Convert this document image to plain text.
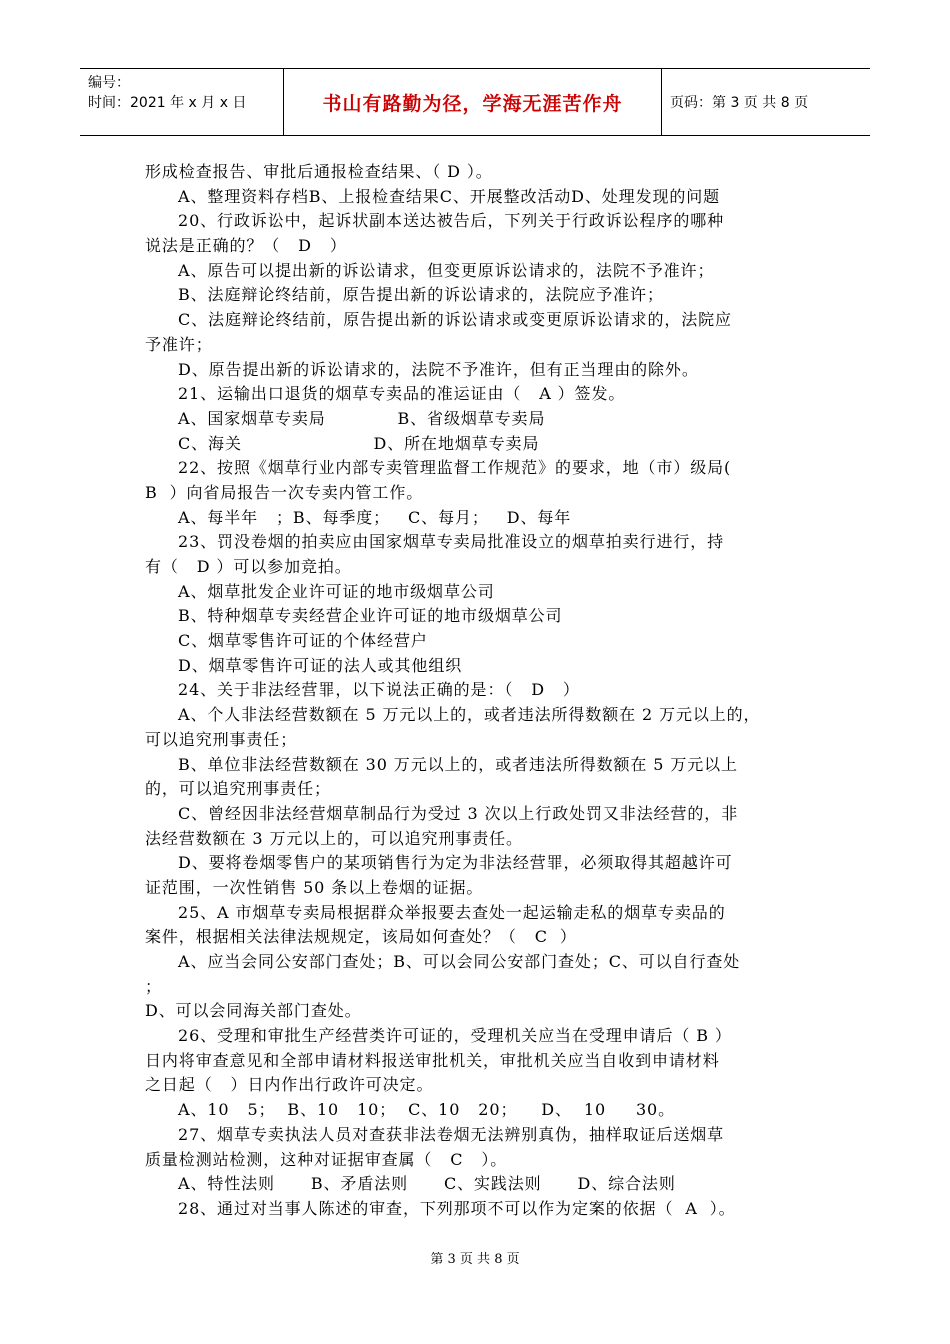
编号：
时间：2021 年 x 月 x 日	书山有路勤为径，学海无涯苦作舟	页码：第 3 页 共 8 页
形成检查报告、审批后通报检查结果、（ D ）。
A、整理资料存档B、上报检查结果C、开展整改活动D、处理发现的问题
20、行政诉讼中，起诉状副本送达被告后，下列关于行政诉讼程序的哪种
说法是正确的？（   D   ）
A、原告可以提出新的诉讼请求，但变更原诉讼请求的，法院不予准许；
B、法庭辩论终结前，原告提出新的诉讼请求的，法院应予准许；
C、法庭辩论终结前，原告提出新的诉讼请求或变更原诉讼请求的，法院应
予准许；
D、原告提出新的诉讼请求的，法院不予准许，但有正当理由的除外。
21、运输出口退货的烟草专卖品的准运证由（   A ）签发。
A、国家烟草专卖局            B、省级烟草专卖局
C、海关                      D、所在地烟草专卖局
22、按照《烟草行业内部专卖管理监督工作规范》的要求，地（市）级局(
B  ）向省局报告一次专卖内管工作。
A、每半年   ；B、每季度；   C、每月；   D、每年
23、罚没卷烟的拍卖应由国家烟草专卖局批准设立的烟草拍卖行进行，持
有（   D ）可以参加竞拍。
A、烟草批发企业许可证的地市级烟草公司
B、特种烟草专卖经营企业许可证的地市级烟草公司
C、烟草零售许可证的个体经营户
D、烟草零售许可证的法人或其他组织
24、关于非法经营罪，以下说法正确的是：（   D   ）
A、个人非法经营数额在 5 万元以上的，或者违法所得数额在 2 万元以上的，
可以追究刑事责任；
B、单位非法经营数额在 30 万元以上的，或者违法所得数额在 5 万元以上
的，可以追究刑事责任；
C、曾经因非法经营烟草制品行为受过 3 次以上行政处罚又非法经营的，非
法经营数额在 3 万元以上的，可以追究刑事责任。
D、要将卷烟零售户的某项销售行为定为非法经营罪，必须取得其超越许可
证范围，一次性销售 50 条以上卷烟的证据。
25、A 市烟草专卖局根据群众举报要去查处一起运输走私的烟草专卖品的
案件，根据相关法律法规规定，该局如何查处？（   C  ）
A、应当会同公安部门查处；B、可以会同公安部门查处；C、可以自行查处
；
D、可以会同海关部门查处。
26、受理和审批生产经营类许可证的，受理机关应当在受理申请后（ B ）
日内将审查意见和全部申请材料报送审批机关，审批机关应当自收到申请材料
之日起（   ）日内作出行政许可决定。
A、10   5；  B、10   10；  C、10   20；    D、  10     30。
27、烟草专卖执法人员对查获非法卷烟无法辨别真伪，抽样取证后送烟草
质量检测站检测，这种对证据审查属（   C   ）。
A、特性法则      B、矛盾法则      C、实践法则      D、综合法则
28、通过对当事人陈述的审查，下列那项不可以作为定案的依据（  A  ）。
第 3 页 共 8 页
